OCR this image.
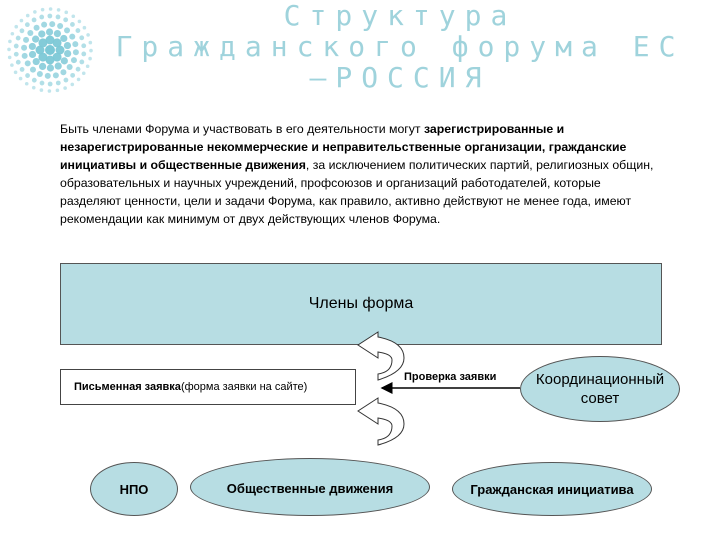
Структура
Гражданского форума ЕС
–РОССИЯ
Быть членами Форума и участвовать в его деятельности могут зарегистрированные и незарегистрированные некоммерческие и неправительственные организации, гражданские инициативы и общественные движения, за исключением политических партий, религиозных общин, образовательных и научных учреждений, профсоюзов и организаций работодателей, которые разделяют ценности, цели и задачи Форума, как правило, активно действуют не менее года, имеют рекомендации как минимум от двух действующих членов Форума.
Члены форма
Письменная заявка (форма заявки на сайте)
Проверка заявки	Координационный совет
НПО	Общественные движения	Гражданская инициатива
